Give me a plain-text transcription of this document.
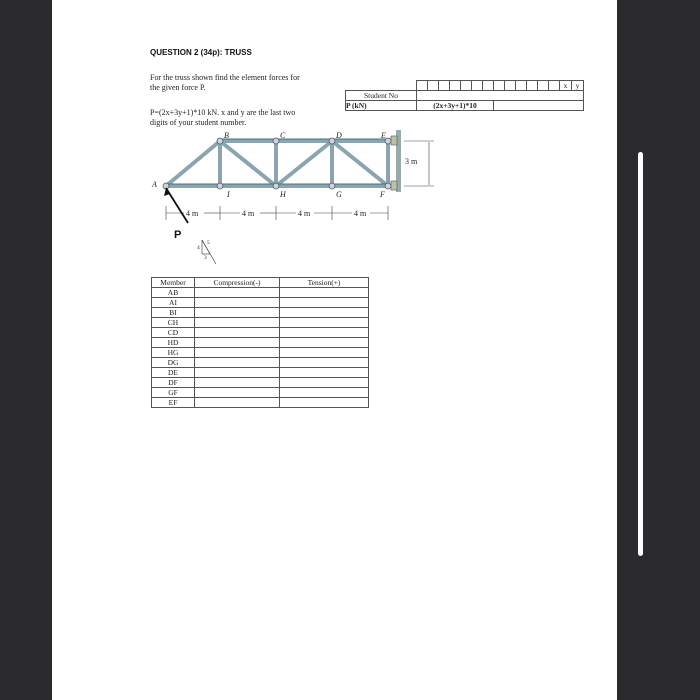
QUESTION 2 (34p): TRUSS
For the truss shown find the element forces for
the given force P.
P=(2x+3y+1)*10 kN. x and y are the last two
digits of your student number.
														x	y
Student No															
P (kN)	(2x+3y+1)*10														
A
B	C	D	E
F
G
H
I
3 m
4 m	4 m	4 m	4 m
P
4
5
3
Member	Compression(-)	Tension(+)
AB		
AI		
BI		
CH		
CD		
HD		
HG		
DG		
DE		
DF		
GF		
EF		
